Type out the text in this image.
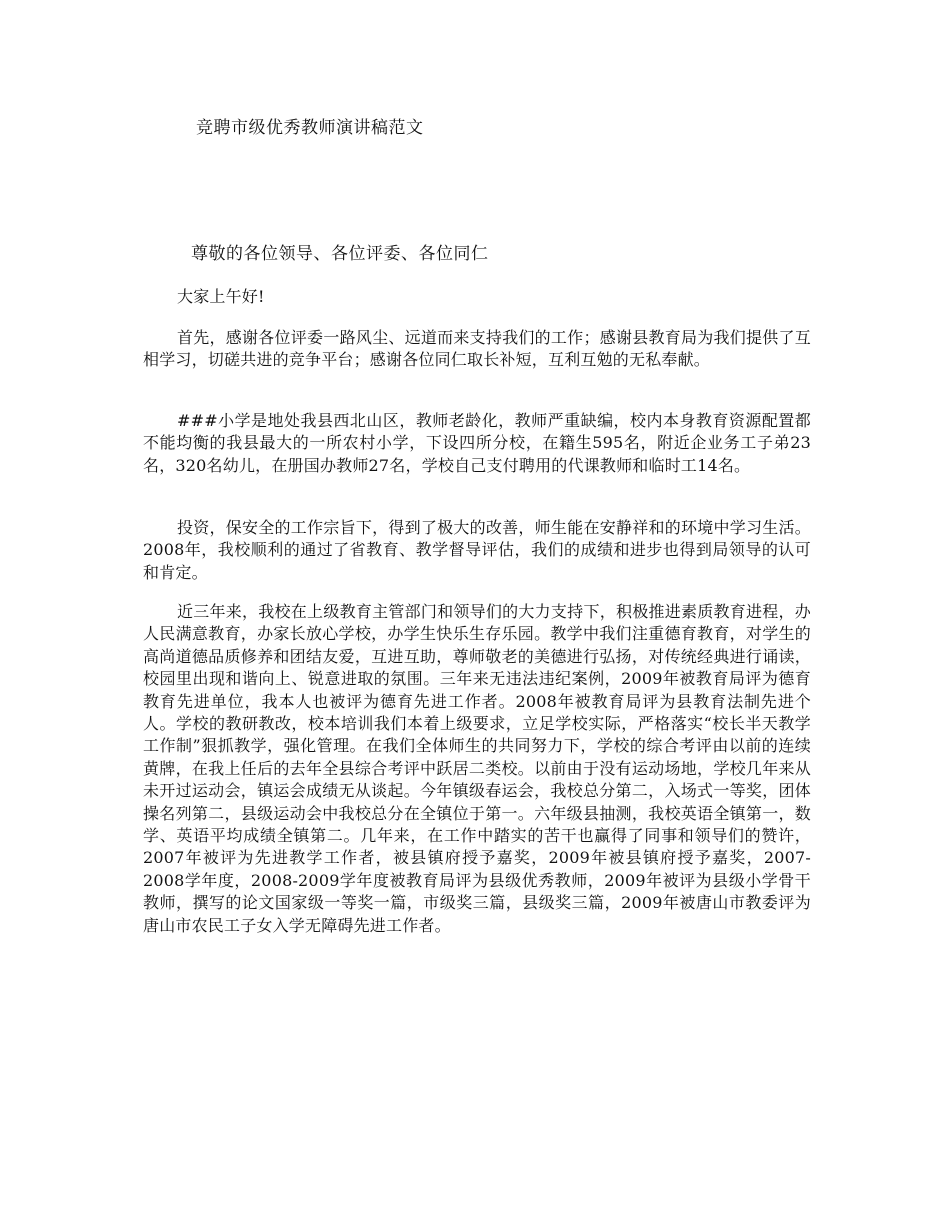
竞聘市级优秀教师演讲稿范文

尊敬的各位领导、各位评委、各位同仁

大家上午好!

首先，感谢各位评委一路风尘、远道而来支持我们的工作；感谢县教育局为我们提供了互相学习，切磋共进的竞争平台；感谢各位同仁取长补短，互利互勉的无私奉献。

###小学是地处我县西北山区，教师老龄化，教师严重缺编，校内本身教育资源配置都不能均衡的我县最大的一所农村小学，下设四所分校，在籍生595名，附近企业务工子弟23名，320名幼儿，在册国办教师27名，学校自己支付聘用的代课教师和临时工14名。

投资，保安全的工作宗旨下，得到了极大的改善，师生能在安静祥和的环境中学习生活。2008年，我校顺利的通过了省教育、教学督导评估，我们的成绩和进步也得到局领导的认可和肯定。

近三年来，我校在上级教育主管部门和领导们的大力支持下，积极推进素质教育进程，办人民满意教育，办家长放心学校，办学生快乐生存乐园。教学中我们注重德育教育，对学生的高尚道德品质修养和团结友爱，互进互助，尊师敬老的美德进行弘扬，对传统经典进行诵读，校园里出现和谐向上、锐意进取的氛围。三年来无违法违纪案例，2009年被教育局评为德育教育先进单位，我本人也被评为德育先进工作者。2008年被教育局评为县教育法制先进个人。学校的教研教改，校本培训我们本着上级要求，立足学校实际，严格落实“校长半天教学工作制”狠抓教学，强化管理。在我们全体师生的共同努力下，学校的综合考评由以前的连续黄牌，在我上任后的去年全县综合考评中跃居二类校。以前由于没有运动场地，学校几年来从未开过运动会，镇运会成绩无从谈起。今年镇级春运会，我校总分第二，入场式一等奖，团体操名列第二，县级运动会中我校总分在全镇位于第一。六年级县抽测，我校英语全镇第一，数学、英语平均成绩全镇第二。几年来，在工作中踏实的苦干也赢得了同事和领导们的赞许，2007年被评为先进教学工作者，被县镇府授予嘉奖，2009年被县镇府授予嘉奖，2007-2008学年度，2008-2009学年度被教育局评为县级优秀教师，2009年被评为县级小学骨干教师，撰写的论文国家级一等奖一篇，市级奖三篇，县级奖三篇，2009年被唐山市教委评为唐山市农民工子女入学无障碍先进工作者。
